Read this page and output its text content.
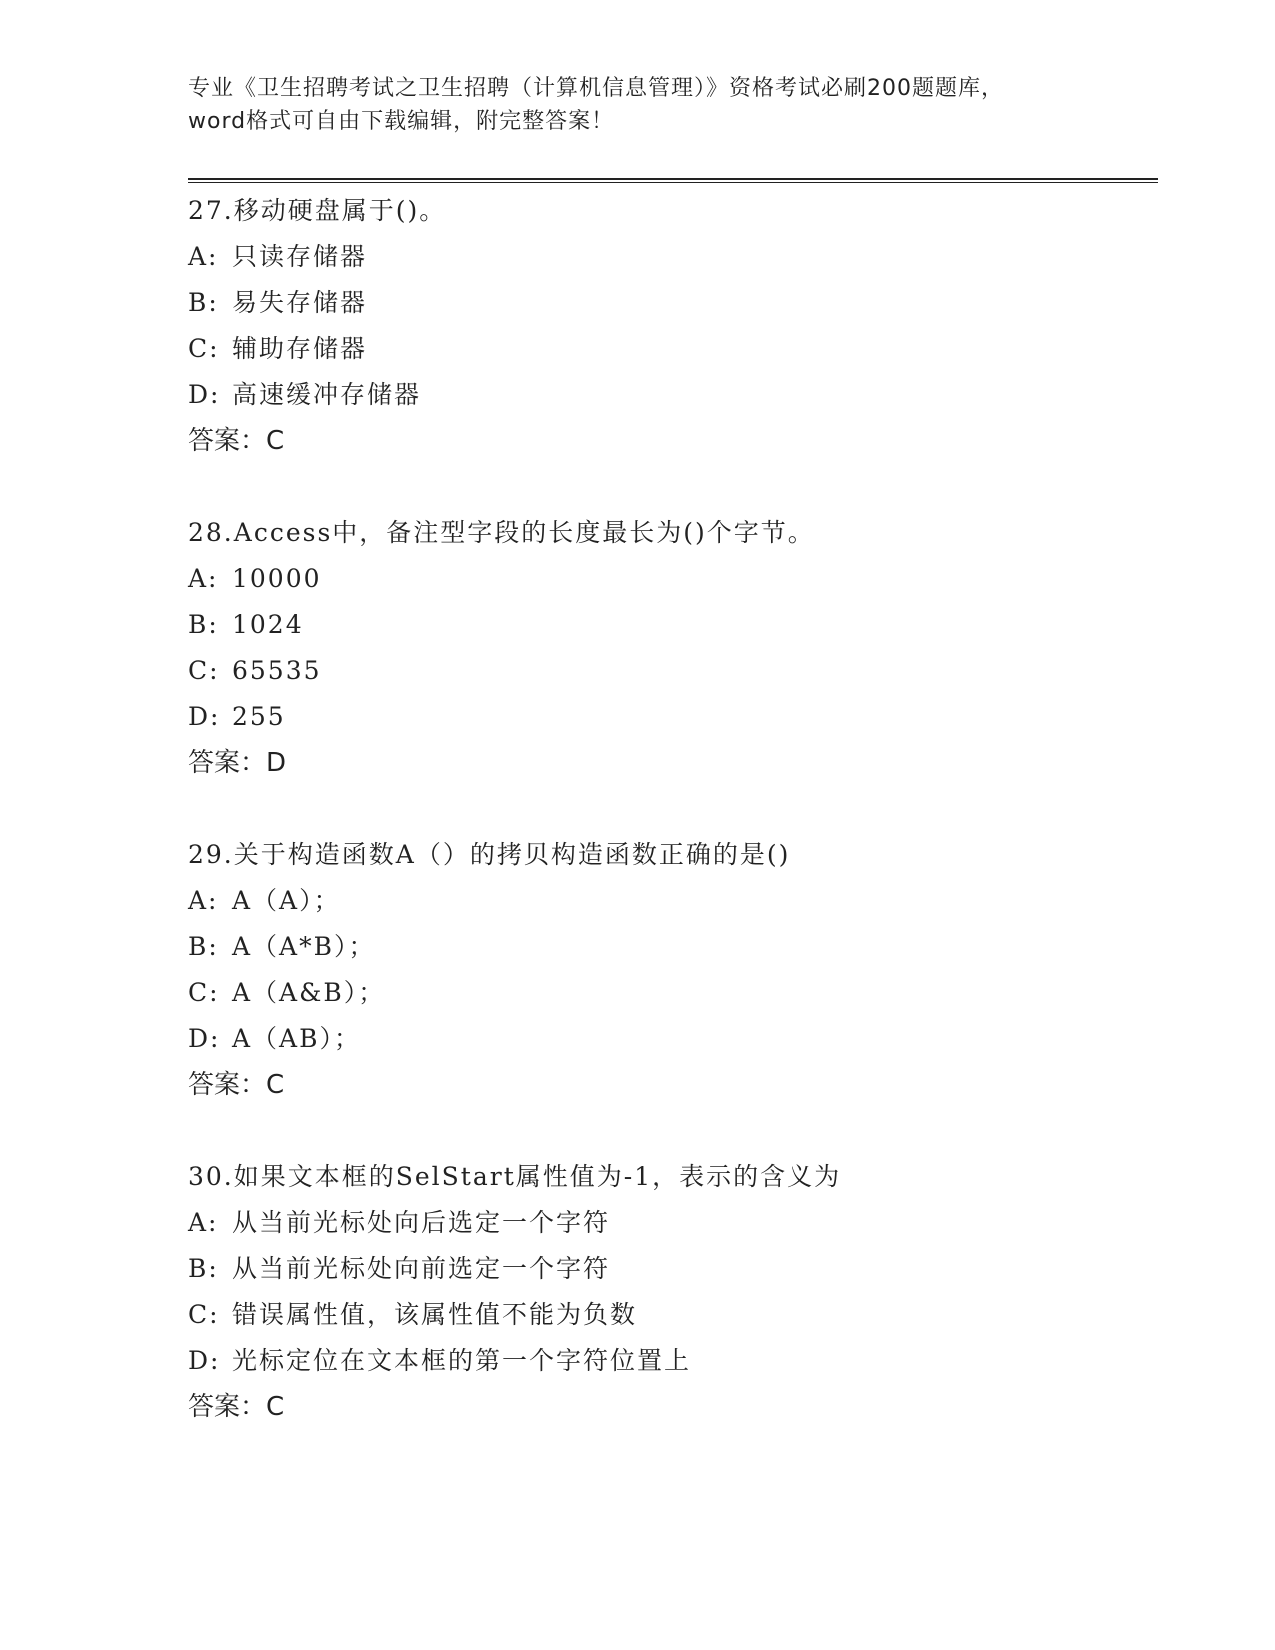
专业《卫生招聘考试之卫生招聘（计算机信息管理）》资格考试必刷200题题库，
word格式可自由下载编辑，附完整答案！
27.移动硬盘属于()。
A: 只读存储器
B: 易失存储器
C: 辅助存储器
D: 高速缓冲存储器
答案：C
28.Access中，备注型字段的长度最长为()个字节。
A: 10000
B: 1024
C: 65535
D: 255
答案：D
29.关于构造函数A（）的拷贝构造函数正确的是()
A: A（A）；
B: A（A*B）；
C: A（A&B）；
D: A（AB）；
答案：C
30.如果文本框的SelStart属性值为-1，表示的含义为
A: 从当前光标处向后选定一个字符
B: 从当前光标处向前选定一个字符
C: 错误属性值，该属性值不能为负数
D: 光标定位在文本框的第一个字符位置上
答案：C
